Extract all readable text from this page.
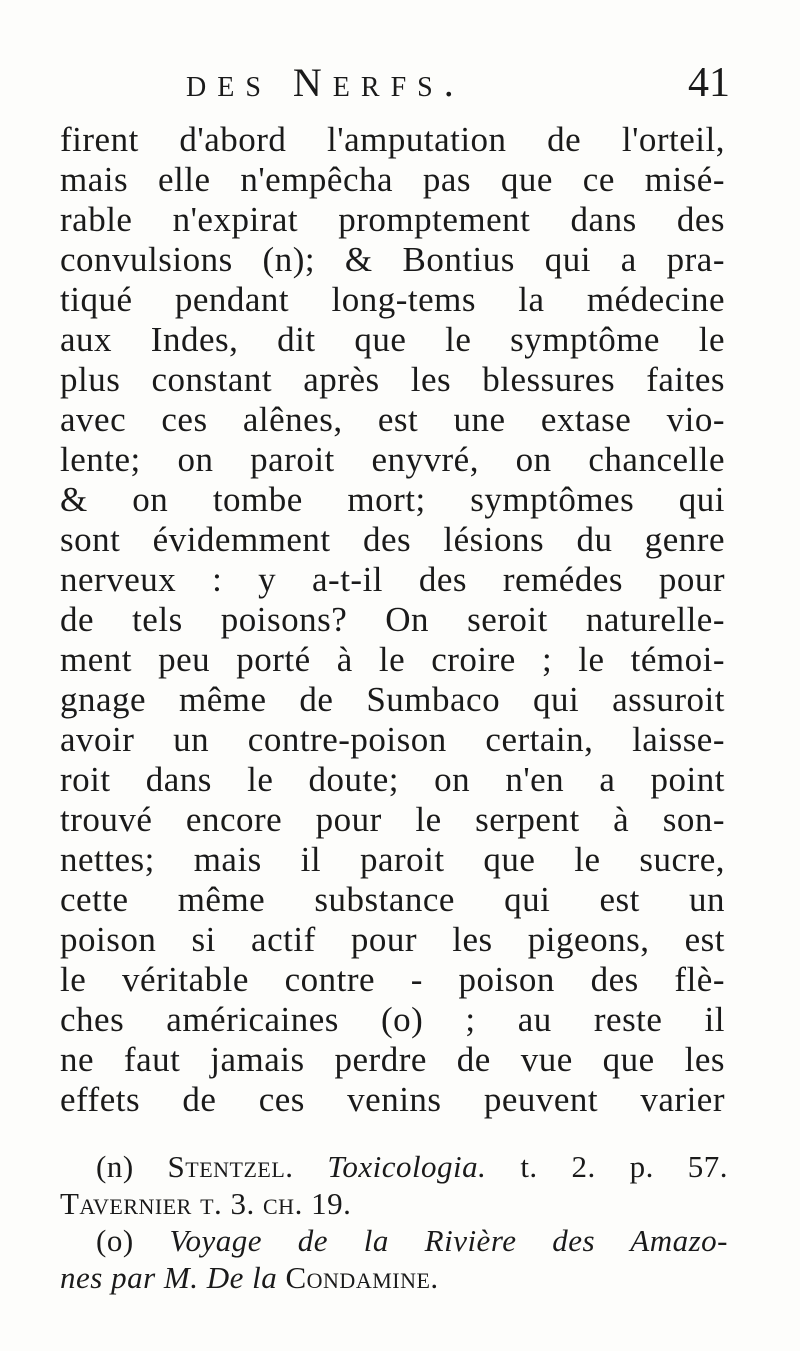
des Nerfs.	41
firent d'abord l'amputation de l'orteil,
mais elle n'empêcha pas que ce misé-
rable n'expirat promptement dans des
convulsions (n); & Bontius qui a pra-
tiqué pendant long-tems la médecine
aux Indes, dit que le symptôme le
plus constant après les blessures faites
avec ces alênes, est une extase vio-
lente; on paroit enyvré, on chancelle
& on tombe mort; symptômes qui
sont évidemment des lésions du genre
nerveux : y a-t-il des remédes pour
de tels poisons? On seroit naturelle-
ment peu porté à le croire ; le témoi-
gnage même de Sumbaco qui assuroit
avoir un contre-poison certain, laisse-
roit dans le doute; on n'en a point
trouvé encore pour le serpent à son-
nettes; mais il paroit que le sucre,
cette même substance qui est un
poison si actif pour les pigeons, est
le véritable contre - poison des flè-
ches américaines (o) ; au reste il
ne faut jamais perdre de vue que les
effets de ces venins peuvent varier
(n) Stentzel. Toxicologia. t. 2. p. 57.
Tavernier t. 3. ch. 19.
(o) Voyage de la Rivière des Amazo-
nes par M. De la Condamine.
